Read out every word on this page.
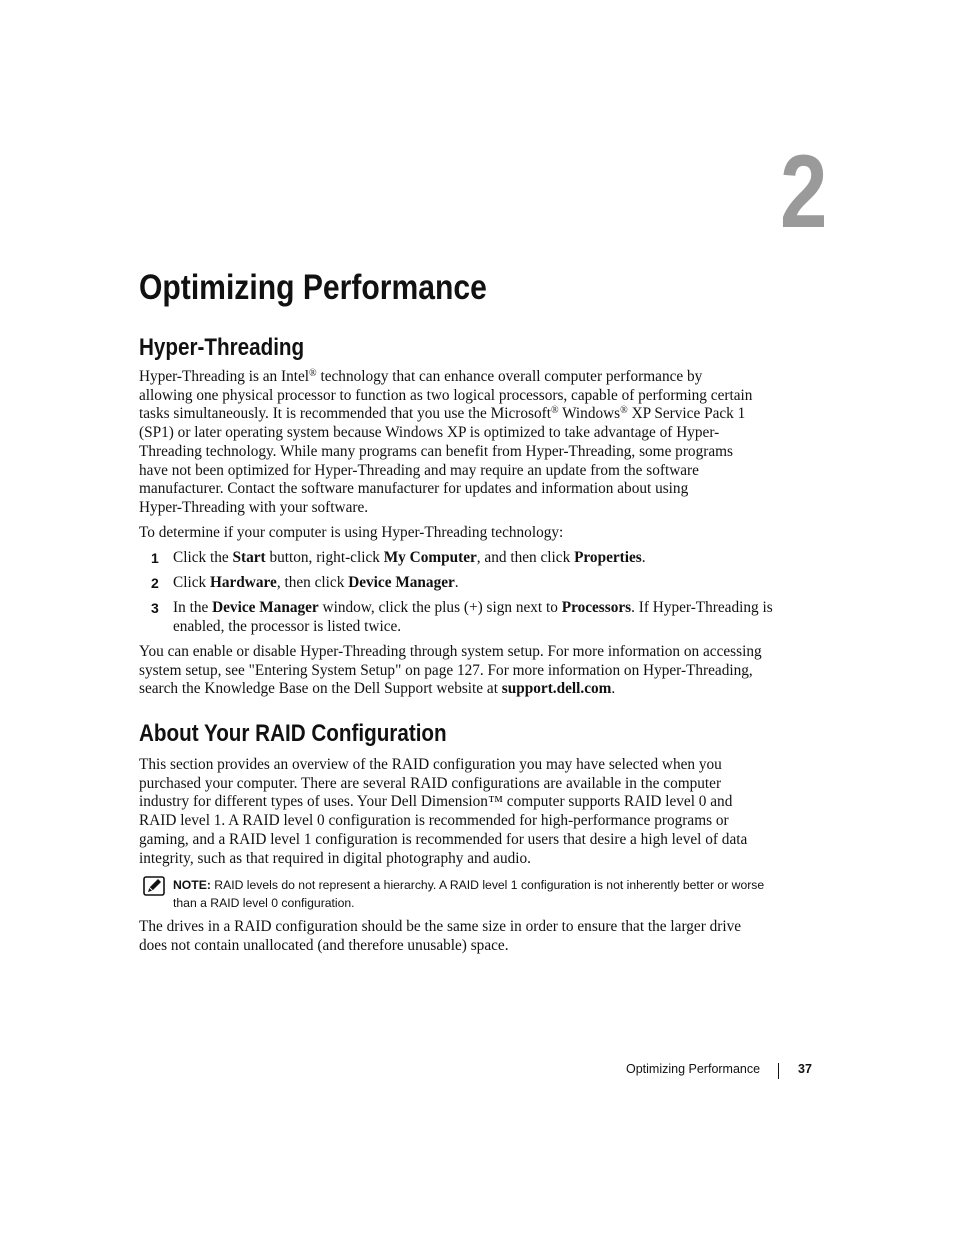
2
Optimizing Performance
Hyper-Threading

Hyper-Threading is an Intel® technology that can enhance overall computer performance by
allowing one physical processor to function as two logical processors, capable of performing certain
tasks simultaneously. It is recommended that you use the Microsoft® Windows® XP Service Pack 1
(SP1) or later operating system because Windows XP is optimized to take advantage of Hyper-
Threading technology. While many programs can benefit from Hyper-Threading, some programs
have not been optimized for Hyper-Threading and may require an update from the software
manufacturer. Contact the software manufacturer for updates and information about using
Hyper-Threading with your software.

To determine if your computer is using Hyper-Threading technology:

1 Click the Start button, right-click My Computer, and then click Properties.
2 Click Hardware, then click Device Manager.
3 In the Device Manager window, click the plus (+) sign next to Processors. If Hyper-Threading is
enabled, the processor is listed twice.

You can enable or disable Hyper-Threading through system setup. For more information on accessing
system setup, see "Entering System Setup" on page 127. For more information on Hyper-Threading,
search the Knowledge Base on the Dell Support website at support.dell.com.

About Your RAID Configuration

This section provides an overview of the RAID configuration you may have selected when you
purchased your computer. There are several RAID configurations are available in the computer
industry for different types of uses. Your Dell Dimension™ computer supports RAID level 0 and
RAID level 1. A RAID level 0 configuration is recommended for high-performance programs or
gaming, and a RAID level 1 configuration is recommended for users that desire a high level of data
integrity, such as that required in digital photography and audio.

NOTE: RAID levels do not represent a hierarchy. A RAID level 1 configuration is not inherently better or worse
than a RAID level 0 configuration.

The drives in a RAID configuration should be the same size in order to ensure that the larger drive
does not contain unallocated (and therefore unusable) space.

Optimizing Performance	37
